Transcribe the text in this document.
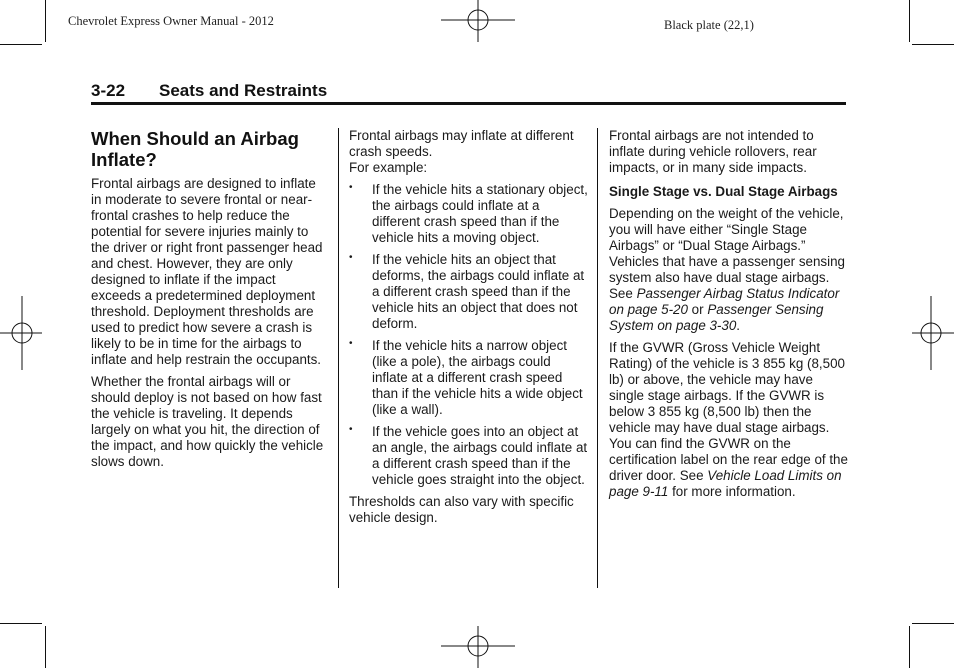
Chevrolet Express Owner Manual - 2012	Black plate (22,1)
3-22 Seats and Restraints
When Should an Airbag Inflate?

Frontal airbags are designed to inflate in moderate to severe frontal or near-frontal crashes to help reduce the potential for severe injuries mainly to the driver or right front passenger head and chest. However, they are only designed to inflate if the impact exceeds a predetermined deployment threshold. Deployment thresholds are used to predict how severe a crash is likely to be in time for the airbags to inflate and help restrain the occupants.

Whether the frontal airbags will or should deploy is not based on how fast the vehicle is traveling. It depends largely on what you hit, the direction of the impact, and how quickly the vehicle slows down.

Frontal airbags may inflate at different crash speeds.

For example:

• If the vehicle hits a stationary object, the airbags could inflate at a different crash speed than if the vehicle hits a moving object.
• If the vehicle hits an object that deforms, the airbags could inflate at a different crash speed than if the vehicle hits an object that does not deform.
• If the vehicle hits a narrow object (like a pole), the airbags could inflate at a different crash speed than if the vehicle hits a wide object (like a wall).
• If the vehicle goes into an object at an angle, the airbags could inflate at a different crash speed than if the vehicle goes straight into the object.

Thresholds can also vary with specific vehicle design.

Frontal airbags are not intended to inflate during vehicle rollovers, rear impacts, or in many side impacts.

Single Stage vs. Dual Stage Airbags

Depending on the weight of the vehicle, you will have either “Single Stage Airbags” or “Dual Stage Airbags.” Vehicles that have a passenger sensing system also have dual stage airbags. See Passenger Airbag Status Indicator on page 5-20 or Passenger Sensing System on page 3-30.

If the GVWR (Gross Vehicle Weight Rating) of the vehicle is 3 855 kg (8,500 lb) or above, the vehicle may have single stage airbags. If the GVWR is below 3 855 kg (8,500 lb) then the vehicle may have dual stage airbags. You can find the GVWR on the certification label on the rear edge of the driver door. See Vehicle Load Limits on page 9-11 for more information.
